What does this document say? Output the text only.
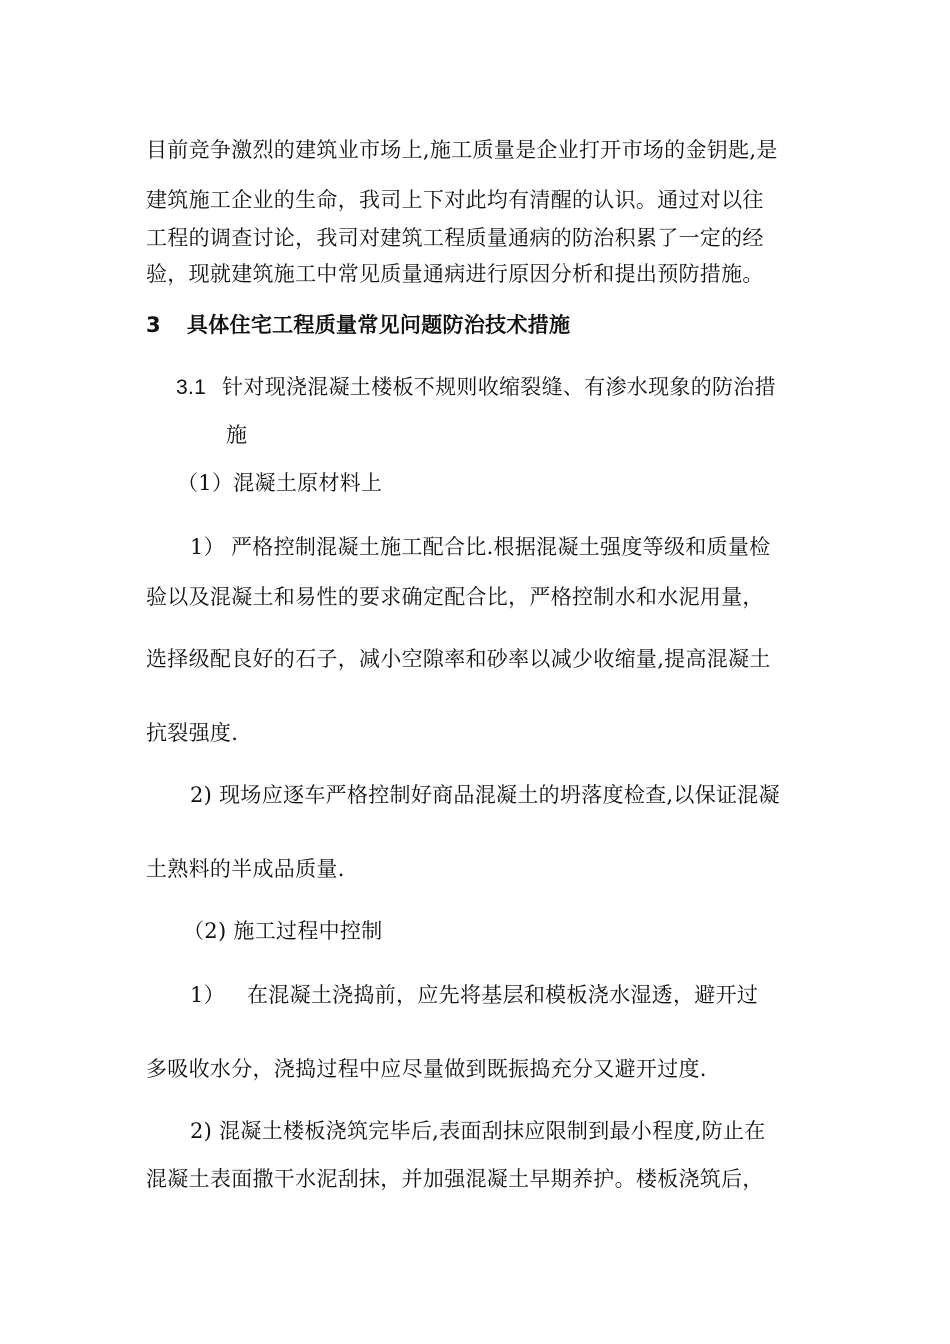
目前竞争激烈的建筑业市场上,施工质量是企业打开市场的金钥匙,是
建筑施工企业的生命，我司上下对此均有清醒的认识。通过对以往
工程的调查讨论，我司对建筑工程质量通病的防治积累了一定的经
验，现就建筑施工中常见质量通病进行原因分析和提出预防措施。
3 具体住宅工程质量常见问题防治技术措施
3.1 针对现浇混凝土楼板不规则收缩裂缝、有渗水现象的防治措
施
（1）混凝土原材料上
1） 严格控制混凝土施工配合比.根据混凝土强度等级和质量检
验以及混凝土和易性的要求确定配合比，严格控制水和水泥用量，
选择级配良好的石子，减小空隙率和砂率以减少收缩量,提高混凝土
抗裂强度.
2) 现场应逐车严格控制好商品混凝土的坍落度检查,以保证混凝
土熟料的半成品质量.
（2) 施工过程中控制
1） 在混凝土浇捣前，应先将基层和模板浇水湿透，避开过
多吸收水分，浇捣过程中应尽量做到既振捣充分又避开过度.
2) 混凝土楼板浇筑完毕后,表面刮抹应限制到最小程度,防止在
混凝土表面撒干水泥刮抹，并加强混凝土早期养护。楼板浇筑后，
